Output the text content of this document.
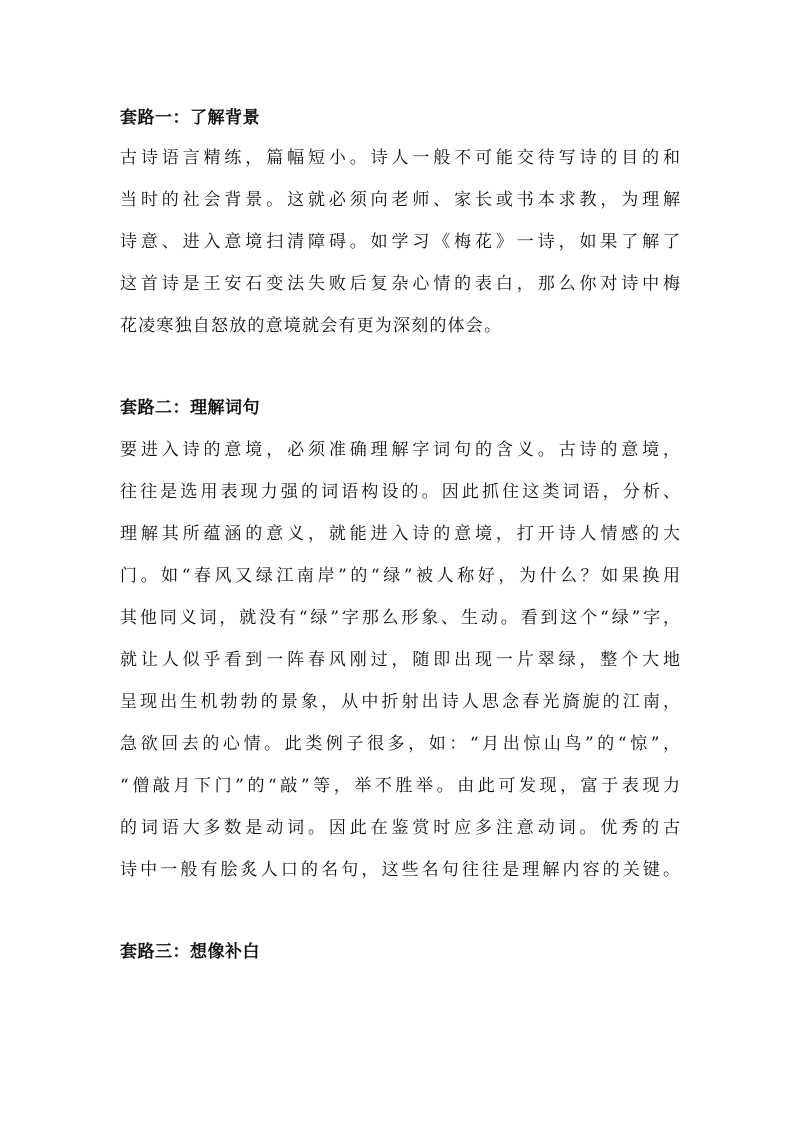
套路一：了解背景
古诗语言精练，篇幅短小。诗人一般不可能交待写诗的目的和
当时的社会背景。这就必须向老师、家长或书本求教，为理解
诗意、进入意境扫清障碍。如学习《梅花》一诗，如果了解了
这首诗是王安石变法失败后复杂心情的表白，那么你对诗中梅
花凌寒独自怒放的意境就会有更为深刻的体会。
套路二：理解词句
要进入诗的意境，必须准确理解字词句的含义。古诗的意境，
往往是选用表现力强的词语构设的。因此抓住这类词语，分析、
理解其所蕴涵的意义，就能进入诗的意境，打开诗人情感的大
门。如“春风又绿江南岸”的“绿”被人称好，为什么？如果换用
其他同义词，就没有“绿”字那么形象、生动。看到这个“绿”字，
就让人似乎看到一阵春风刚过，随即出现一片翠绿，整个大地
呈现出生机勃勃的景象，从中折射出诗人思念春光旖旎的江南，
急欲回去的心情。此类例子很多，如：“月出惊山鸟”的“惊”，
“僧敲月下门”的“敲”等，举不胜举。由此可发现，富于表现力
的词语大多数是动词。因此在鉴赏时应多注意动词。优秀的古
诗中一般有脍炙人口的名句，这些名句往往是理解内容的关键。
套路三：想像补白
